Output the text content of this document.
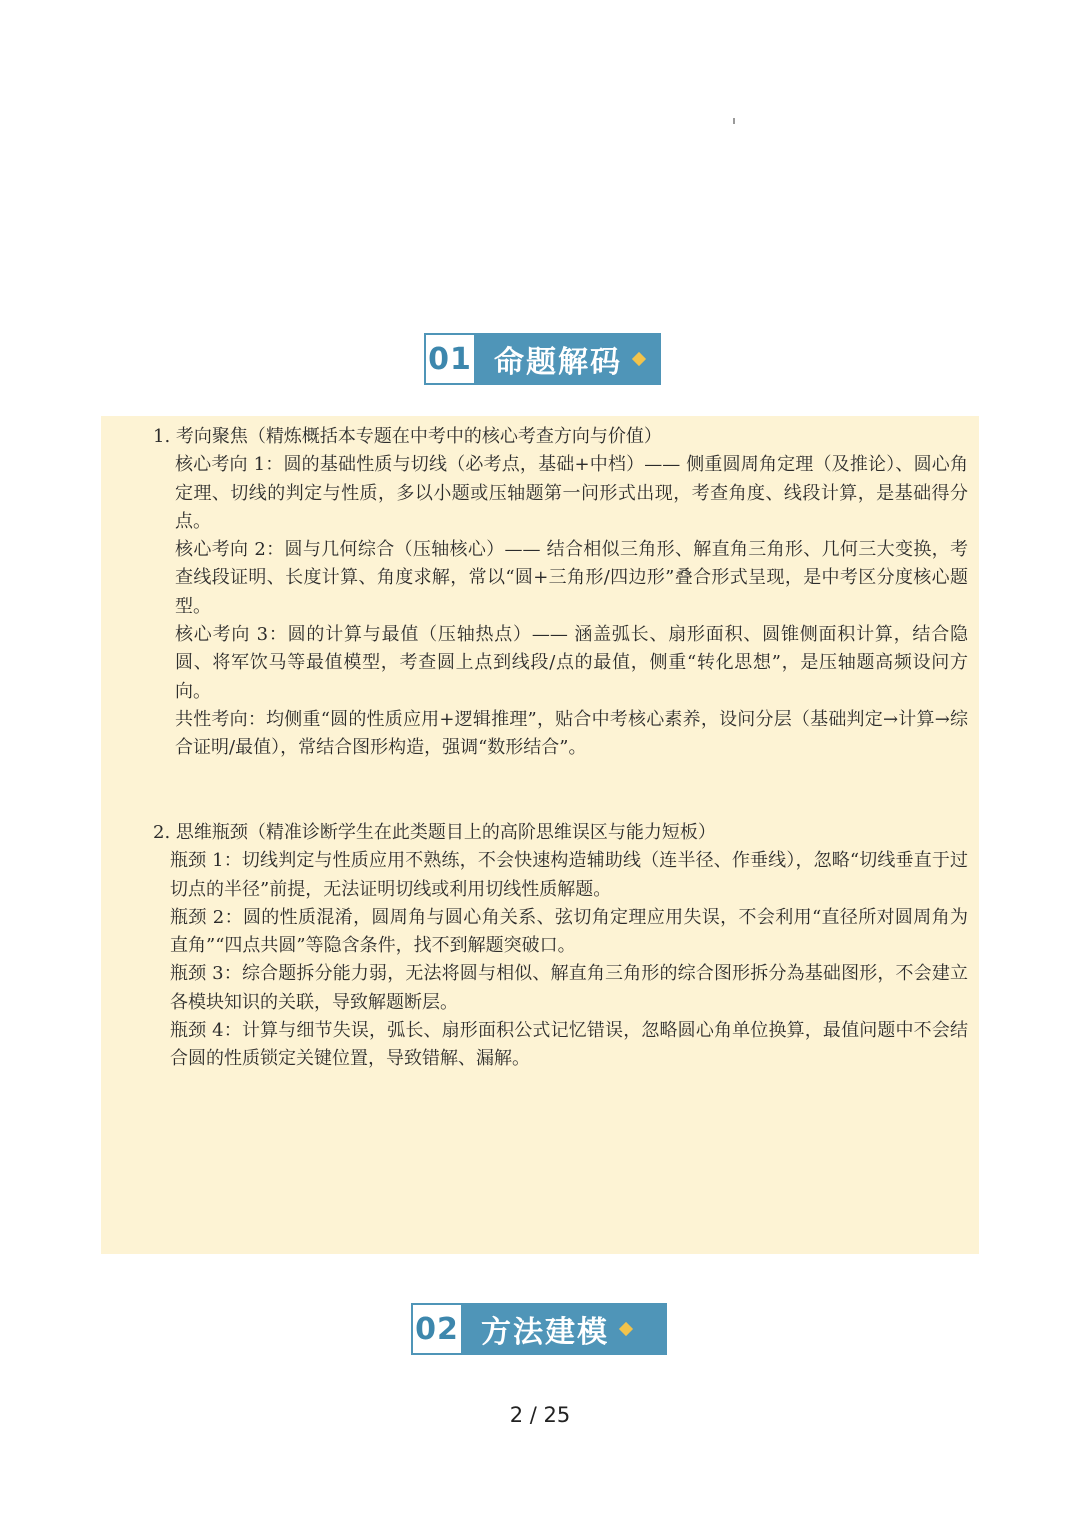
01 命题解码

1. 考向聚焦（精炼概括本专题在中考中的核心考查方向与价值）

核心考向 1：圆的基础性质与切线（必考点，基础+中档）—— 侧重圆周角定理（及推论）、圆心角定理、切线的判定与性质，多以小题或压轴题第一问形式出现，考查角度、线段计算，是基础得分点。

核心考向 2：圆与几何综合（压轴核心）—— 结合相似三角形、解直角三角形、几何三大变换，考查线段证明、长度计算、角度求解，常以“圆+三角形/四边形”叠合形式呈现，是中考区分度核心题型。

核心考向 3：圆的计算与最值（压轴热点）—— 涵盖弧长、扇形面积、圆锥侧面积计算，结合隐圆、将军饮马等最值模型，考查圆上点到线段/点的最值，侧重“转化思想”，是压轴题高频设问方向。

共性考向：均侧重“圆的性质应用+逻辑推理”，贴合中考核心素养，设问分层（基础判定→计算→综合证明/最值），常结合图形构造，强调“数形结合”。

2. 思维瓶颈（精准诊断学生在此类题目上的高阶思维误区与能力短板）

瓶颈 1：切线判定与性质应用不熟练，不会快速构造辅助线（连半径、作垂线），忽略“切线垂直于过切点的半径”前提，无法证明切线或利用切线性质解题。

瓶颈 2：圆的性质混淆，圆周角与圆心角关系、弦切角定理应用失误，不会利用“直径所对圆周角为直角”“四点共圆”等隐含条件，找不到解题突破口。

瓶颈 3：综合题拆分能力弱，无法将圆与相似、解直角三角形的综合图形拆分為基础图形，不会建立各模块知识的关联，导致解题断层。

瓶颈 4：计算与细节失误，弧长、扇形面积公式记忆错误，忽略圆心角单位换算，最值问题中不会结合圆的性质锁定关键位置，导致错解、漏解。

02 方法建模
2 / 25
